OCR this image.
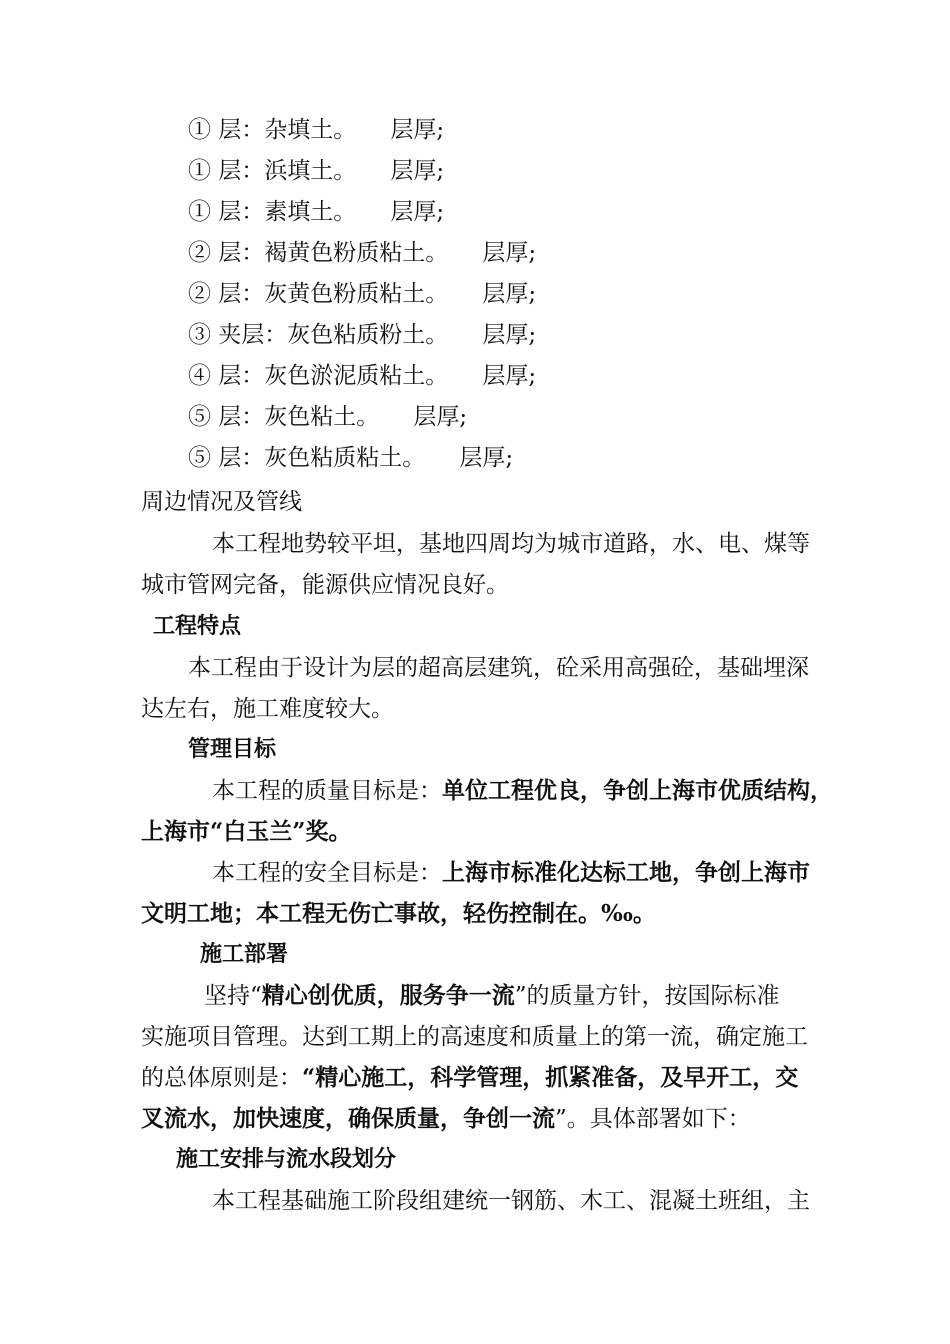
① 层：杂填土。 层厚;
① 层：浜填土。 层厚;
① 层：素填土。 层厚;
② 层：褐黄色粉质粘土。 层厚;
② 层：灰黄色粉质粘土。 层厚;
③ 夹层：灰色粘质粉土。 层厚;
④ 层：灰色淤泥质粘土。 层厚;
⑤ 层：灰色粘土。 层厚;
⑤ 层：灰色粘质粘土。 层厚;
周边情况及管线
本工程地势较平坦，基地四周均为城市道路，水、电、煤等
城市管网完备，能源供应情况良好。
工程特点
本工程由于设计为层的超高层建筑，砼采用高强砼，基础埋深
达左右，施工难度较大。
管理目标
本工程的质量目标是：单位工程优良，争创上海市优质结构，
上海市“白玉兰”奖。
本工程的安全目标是：上海市标准化达标工地，争创上海市
文明工地；本工程无伤亡事故，轻伤控制在。‰。
施工部署
坚持“精心创优质，服务争一流”的质量方针，按国际标准
实施项目管理。达到工期上的高速度和质量上的第一流，确定施工
的总体原则是：“精心施工，科学管理，抓紧准备，及早开工，交
叉流水，加快速度，确保质量，争创一流”。具体部署如下：
施工安排与流水段划分
本工程基础施工阶段组建统一钢筋、木工、混凝土班组，主
